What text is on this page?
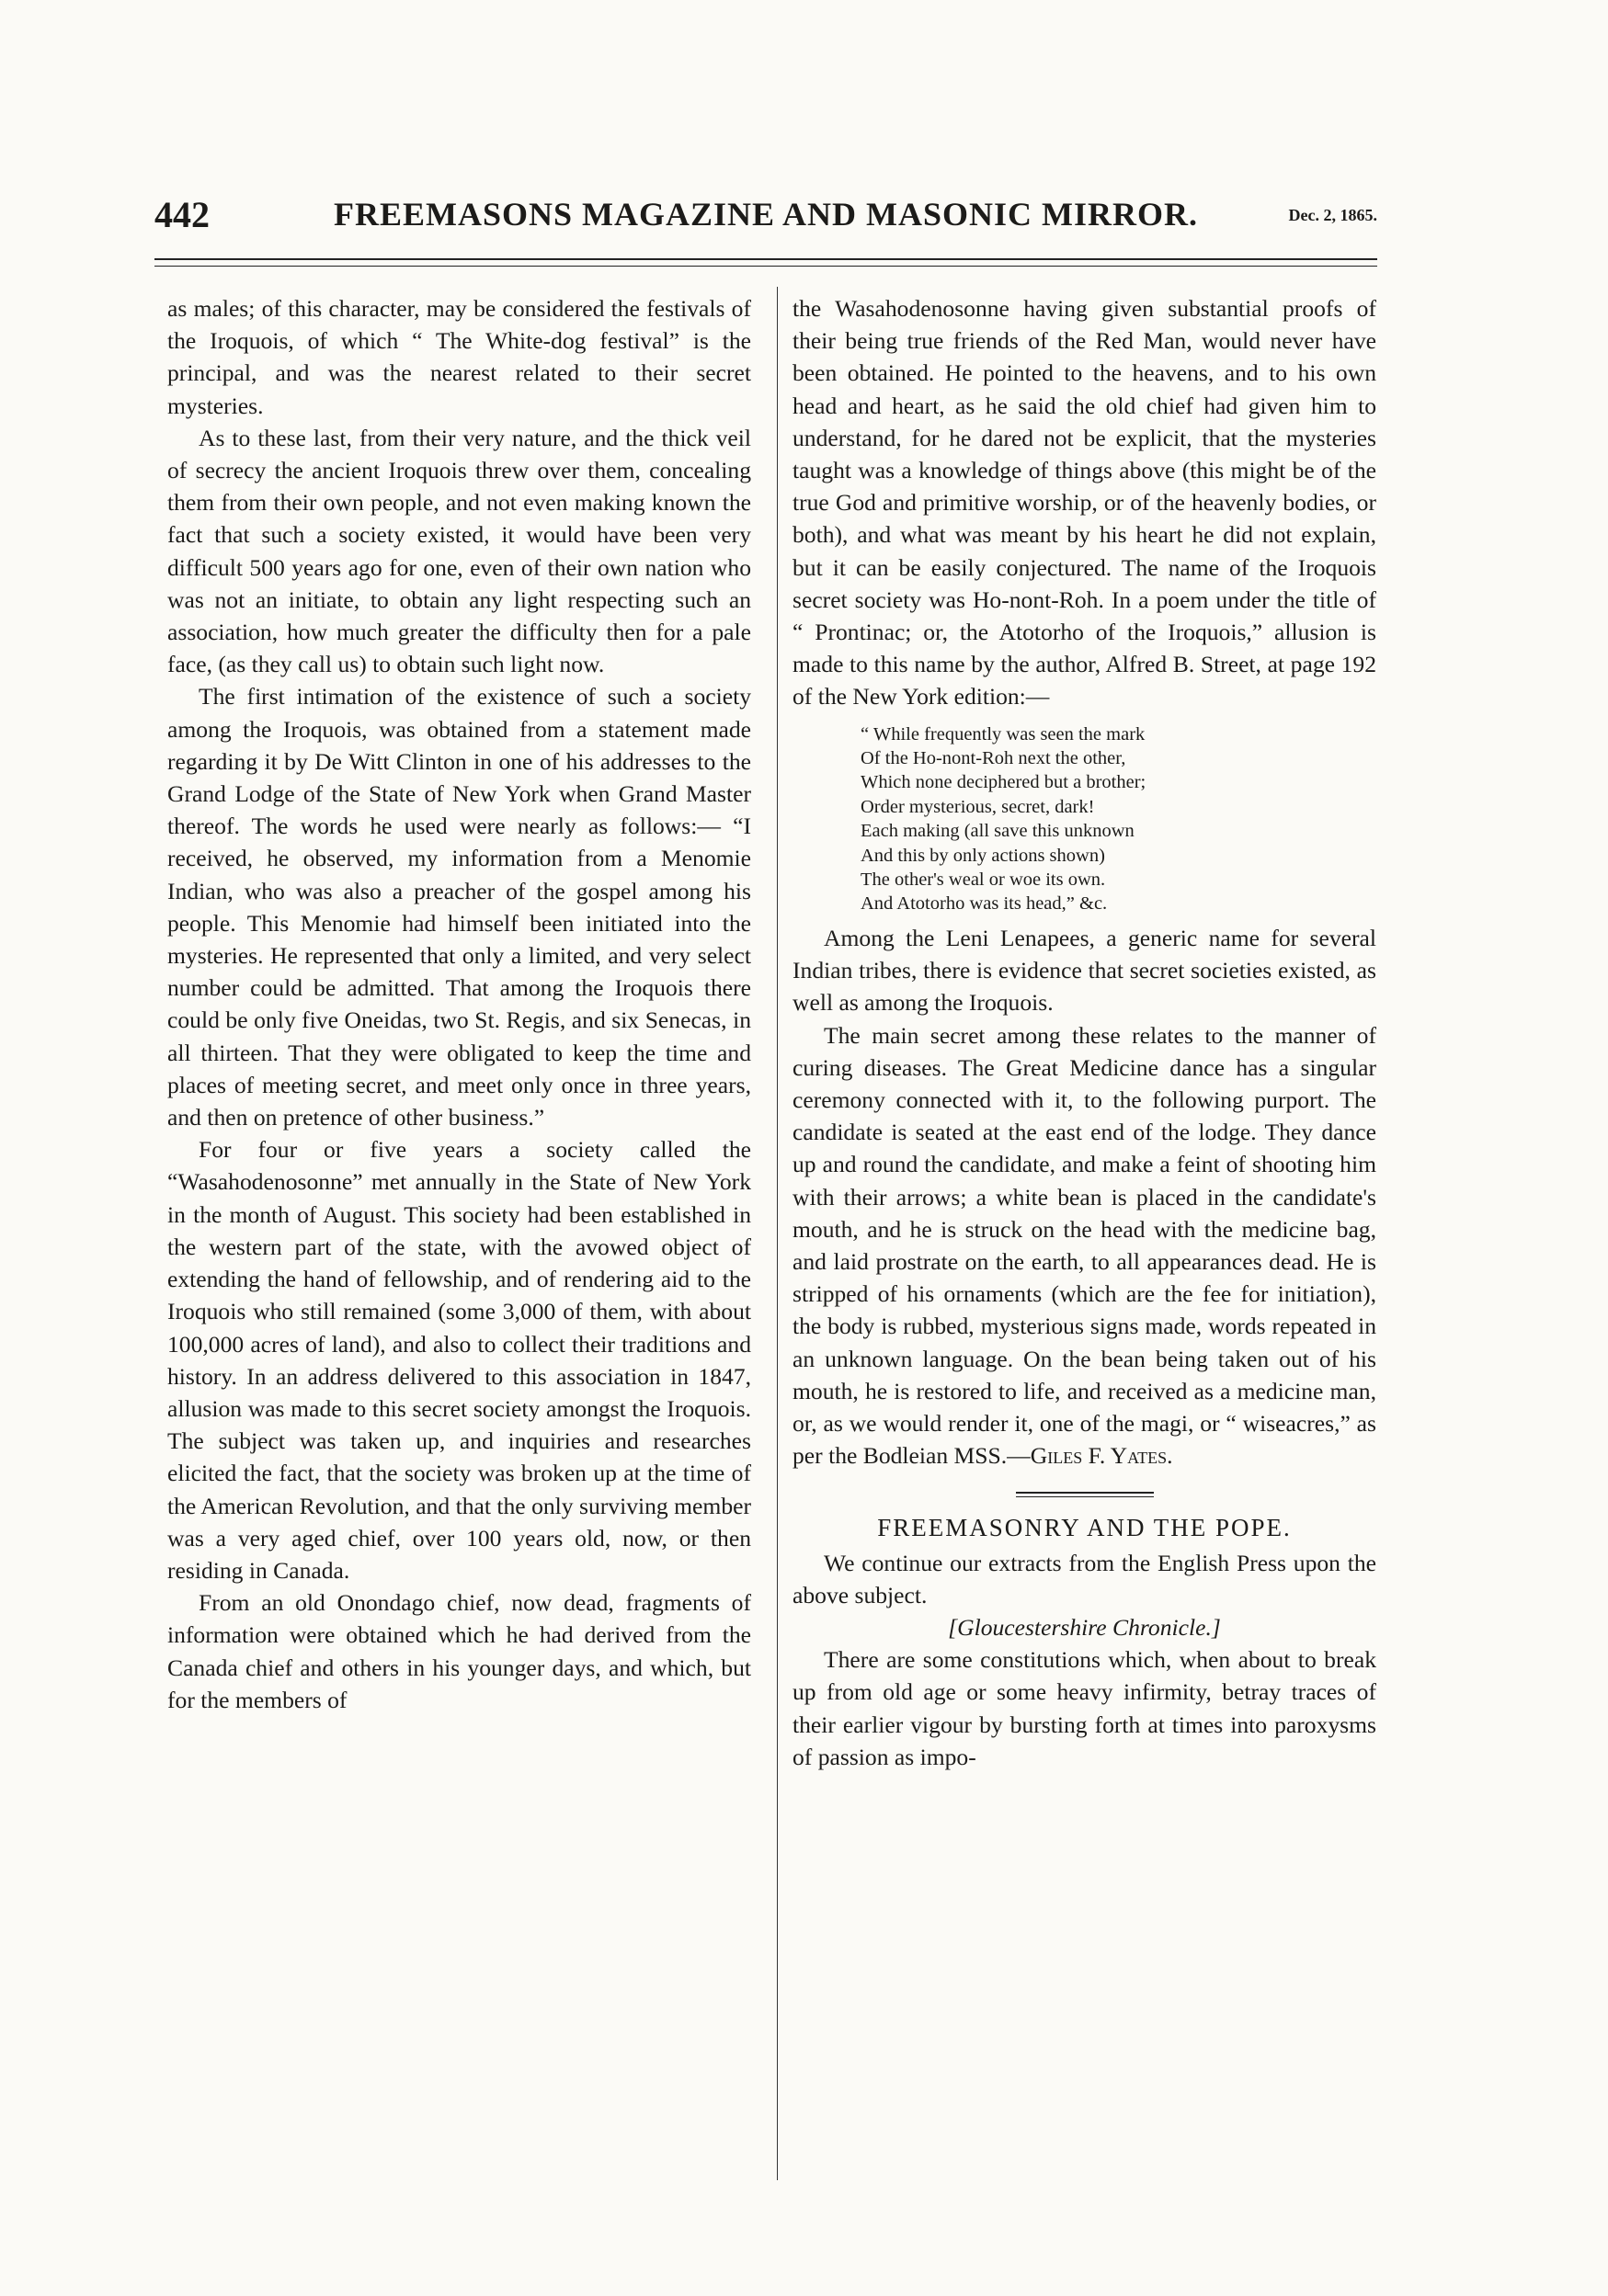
442	FREEMASONS MAGAZINE AND MASONIC MIRROR.	Dec. 2, 1865.

as males; of this character, may be considered the festivals of the Iroquois, of which “ The White-dog festival” is the principal, and was the nearest related to their secret mysteries.

As to these last, from their very nature, and the thick veil of secrecy the ancient Iroquois threw over them, concealing them from their own people, and not even making known the fact that such a society existed, it would have been very difficult 500 years ago for one, even of their own nation who was not an initiate, to obtain any light respecting such an association, how much greater the difficulty then for a pale face, (as they call us) to obtain such light now.

The first intimation of the existence of such a society among the Iroquois, was obtained from a statement made regarding it by De Witt Clinton in one of his addresses to the Grand Lodge of the State of New York when Grand Master thereof. The words he used were nearly as follows:— “I received, he observed, my information from a Menomie Indian, who was also a preacher of the gospel among his people. This Menomie had himself been initiated into the mysteries. He represented that only a limited, and very select number could be admitted. That among the Iroquois there could be only five Oneidas, two St. Regis, and six Senecas, in all thirteen. That they were obligated to keep the time and places of meeting secret, and meet only once in three years, and then on pretence of other business.”

For four or five years a society called the “Wasahodenosonne” met annually in the State of New York in the month of August. This society had been established in the western part of the state, with the avowed object of extending the hand of fellowship, and of rendering aid to the Iroquois who still remained (some 3,000 of them, with about 100,000 acres of land), and also to collect their traditions and history. In an address delivered to this association in 1847, allusion was made to this secret society amongst the Iroquois. The subject was taken up, and inquiries and researches elicited the fact, that the society was broken up at the time of the American Revolution, and that the only surviving member was a very aged chief, over 100 years old, now, or then residing in Canada.

From an old Onondago chief, now dead, fragments of information were obtained which he had derived from the Canada chief and others in his younger days, and which, but for the members of

the Wasahodenosonne having given substantial proofs of their being true friends of the Red Man, would never have been obtained. He pointed to the heavens, and to his own head and heart, as he said the old chief had given him to understand, for he dared not be explicit, that the mysteries taught was a knowledge of things above (this might be of the true God and primitive worship, or of the heavenly bodies, or both), and what was meant by his heart he did not explain, but it can be easily conjectured. The name of the Iroquois secret society was Ho-nont-Roh. In a poem under the title of “ Prontinac; or, the Atotorho of the Iroquois,” allusion is made to this name by the author, Alfred B. Street, at page 192 of the New York edition:—

“ While frequently was seen the mark
Of the Ho-nont-Roh next the other,
Which none deciphered but a brother;
Order mysterious, secret, dark!
Each making (all save this unknown
And this by only actions shown)
The other's weal or woe its own.
And Atotorho was its head,” &c.

Among the Leni Lenapees, a generic name for several Indian tribes, there is evidence that secret societies existed, as well as among the Iroquois.

The main secret among these relates to the manner of curing diseases. The Great Medicine dance has a singular ceremony connected with it, to the following purport. The candidate is seated at the east end of the lodge. They dance up and round the candidate, and make a feint of shooting him with their arrows; a white bean is placed in the candidate's mouth, and he is struck on the head with the medicine bag, and laid prostrate on the earth, to all appearances dead. He is stripped of his ornaments (which are the fee for initiation), the body is rubbed, mysterious signs made, words repeated in an unknown language. On the bean being taken out of his mouth, he is restored to life, and received as a medicine man, or, as we would render it, one of the magi, or “ wiseacres,” as per the Bodleian MSS.—Giles F. Yates.

FREEMASONRY AND THE POPE.

We continue our extracts from the English Press upon the above subject.

[Gloucestershire Chronicle.]

There are some constitutions which, when about to break up from old age or some heavy infirmity, betray traces of their earlier vigour by bursting forth at times into paroxysms of passion as impo-
